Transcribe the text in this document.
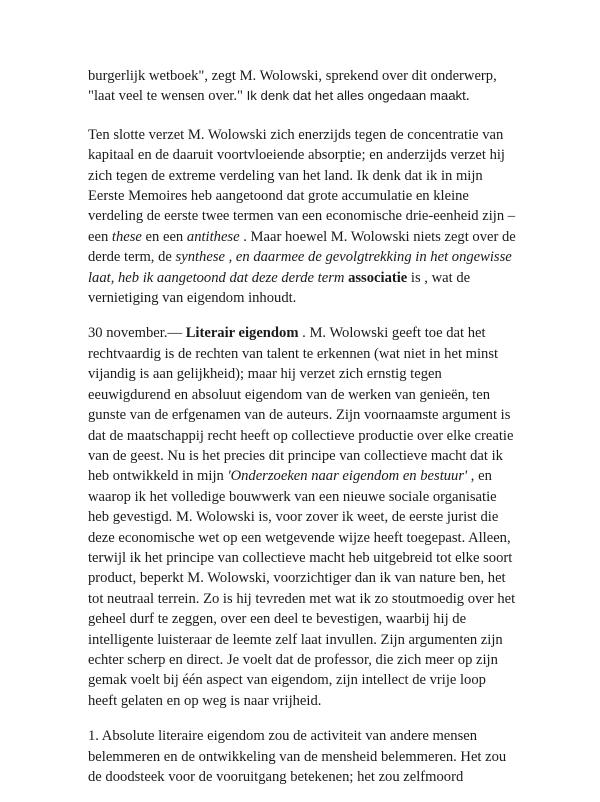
burgerlijk wetboek", zegt M. Wolowski, sprekend over dit onderwerp, "laat veel te wensen over." Ik denk dat het alles ongedaan maakt.

Ten slotte verzet M. Wolowski zich enerzijds tegen de concentratie van kapitaal en de daaruit voortvloeiende absorptie; en anderzijds verzet hij zich tegen de extreme verdeling van het land. Ik denk dat ik in mijn Eerste Memoires heb aangetoond dat grote accumulatie en kleine verdeling de eerste twee termen van een economische drie-eenheid zijn – een these en een antithese . Maar hoewel M. Wolowski niets zegt over de derde term, de synthese , en daarmee de gevolgtrekking in het ongewisse laat, heb ik aangetoond dat deze derde term associatie is , wat de vernietiging van eigendom inhoudt.

30 november.— Literair eigendom . M. Wolowski geeft toe dat het rechtvaardig is de rechten van talent te erkennen (wat niet in het minst vijandig is aan gelijkheid); maar hij verzet zich ernstig tegen eeuwigdurend en absoluut eigendom van de werken van genieën, ten gunste van de erfgenamen van de auteurs. Zijn voornaamste argument is dat de maatschappij recht heeft op collectieve productie over elke creatie van de geest. Nu is het precies dit principe van collectieve macht dat ik heb ontwikkeld in mijn 'Onderzoeken naar eigendom en bestuur' , en waarop ik het volledige bouwwerk van een nieuwe sociale organisatie heb gevestigd. M. Wolowski is, voor zover ik weet, de eerste jurist die deze economische wet op een wetgevende wijze heeft toegepast. Alleen, terwijl ik het principe van collectieve macht heb uitgebreid tot elke soort product, beperkt M. Wolowski, voorzichtiger dan ik van nature ben, het tot neutraal terrein. Zo is hij tevreden met wat ik zo stoutmoedig over het geheel durf te zeggen, over een deel te bevestigen, waarbij hij de intelligente luisteraar de leemte zelf laat invullen. Zijn argumenten zijn echter scherp en direct. Je voelt dat de professor, die zich meer op zijn gemak voelt bij één aspect van eigendom, zijn intellect de vrije loop heeft gelaten en op weg is naar vrijheid.

1. Absolute literaire eigendom zou de activiteit van andere mensen belemmeren en de ontwikkeling van de mensheid belemmeren. Het zou de doodsteek voor de vooruitgang betekenen; het zou zelfmoord
